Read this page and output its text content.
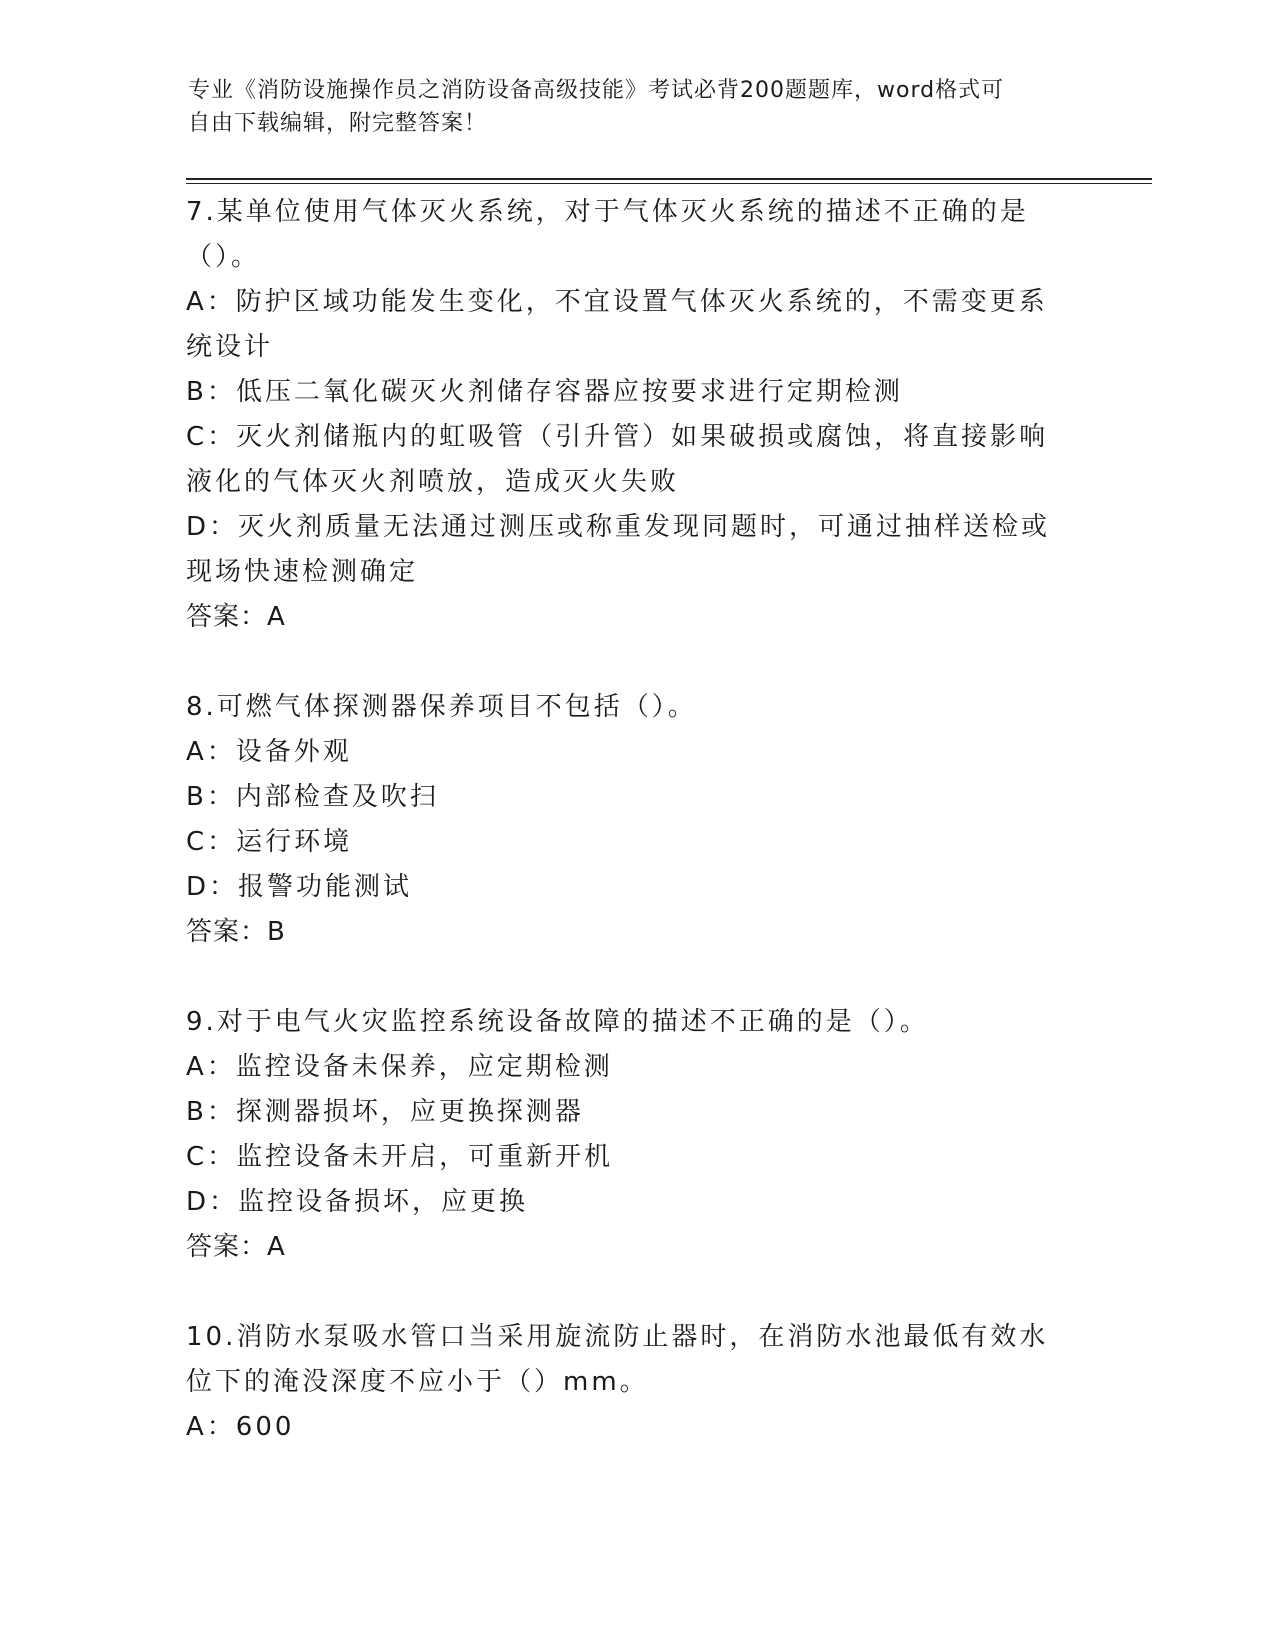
专业《消防设施操作员之消防设备高级技能》考试必背200题题库，word格式可
自由下载编辑，附完整答案！

7.某单位使用气体灭火系统，对于气体灭火系统的描述不正确的是（）。

A：防护区域功能发生变化，不宜设置气体灭火系统的，不需变更系统设计

B：低压二氧化碳灭火剂储存容器应按要求进行定期检测

C：灭火剂储瓶内的虹吸管（引升管）如果破损或腐蚀，将直接影响液化的气体灭火剂喷放，造成灭火失败

D：灭火剂质量无法通过测压或称重发现同题时，可通过抽样送检或现场快速检测确定

答案：A

8.可燃气体探测器保养项目不包括（）。

A：设备外观

B：内部检查及吹扫

C：运行环境

D：报警功能测试

答案：B

9.对于电气火灾监控系统设备故障的描述不正确的是（）。

A：监控设备未保养，应定期检测

B：探测器损坏，应更换探测器

C：监控设备未开启，可重新开机

D：监控设备损坏，应更换

答案：A

10.消防水泵吸水管口当采用旋流防止器时，在消防水池最低有效水位下的淹没深度不应小于（）mm。

A：600
